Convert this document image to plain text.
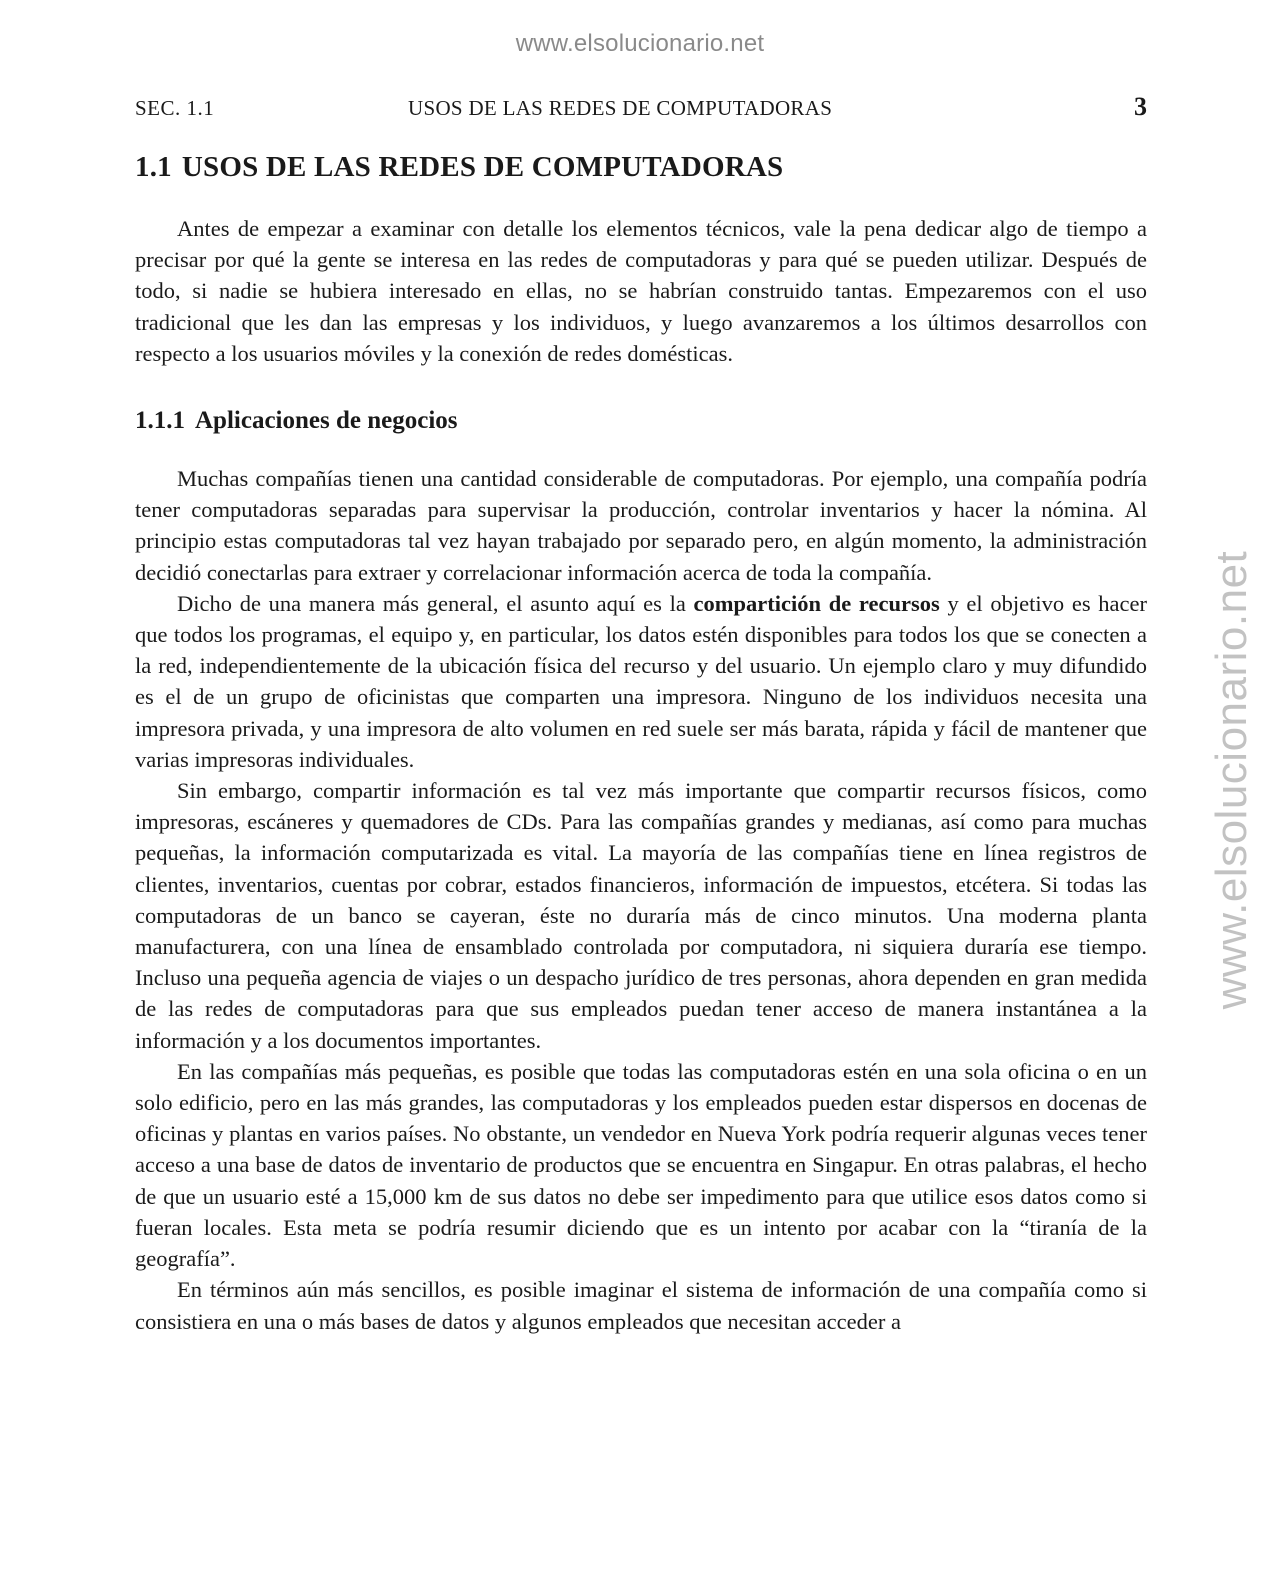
www.elsolucionario.net
www.elsolucionario.net
SEC. 1.1	USOS DE LAS REDES DE COMPUTADORAS	3
1.1 USOS DE LAS REDES DE COMPUTADORAS

Antes de empezar a examinar con detalle los elementos técnicos, vale la pena dedicar algo de tiempo a precisar por qué la gente se interesa en las redes de computadoras y para qué se pueden utilizar. Después de todo, si nadie se hubiera interesado en ellas, no se habrían construido tantas. Empezaremos con el uso tradicional que les dan las empresas y los individuos, y luego avanzaremos a los últimos desarrollos con respecto a los usuarios móviles y la conexión de redes domésticas.

1.1.1 Aplicaciones de negocios

Muchas compañías tienen una cantidad considerable de computadoras. Por ejemplo, una compañía podría tener computadoras separadas para supervisar la producción, controlar inventarios y hacer la nómina. Al principio estas computadoras tal vez hayan trabajado por separado pero, en algún momento, la administración decidió conectarlas para extraer y correlacionar información acerca de toda la compañía.

Dicho de una manera más general, el asunto aquí es la compartición de recursos y el objetivo es hacer que todos los programas, el equipo y, en particular, los datos estén disponibles para todos los que se conecten a la red, independientemente de la ubicación física del recurso y del usuario. Un ejemplo claro y muy difundido es el de un grupo de oficinistas que comparten una impresora. Ninguno de los individuos necesita una impresora privada, y una impresora de alto volumen en red suele ser más barata, rápida y fácil de mantener que varias impresoras individuales.

Sin embargo, compartir información es tal vez más importante que compartir recursos físicos, como impresoras, escáneres y quemadores de CDs. Para las compañías grandes y medianas, así como para muchas pequeñas, la información computarizada es vital. La mayoría de las compañías tiene en línea registros de clientes, inventarios, cuentas por cobrar, estados financieros, información de impuestos, etcétera. Si todas las computadoras de un banco se cayeran, éste no duraría más de cinco minutos. Una moderna planta manufacturera, con una línea de ensamblado controlada por computadora, ni siquiera duraría ese tiempo. Incluso una pequeña agencia de viajes o un despacho jurídico de tres personas, ahora dependen en gran medida de las redes de computadoras para que sus empleados puedan tener acceso de manera instantánea a la información y a los documentos importantes.

En las compañías más pequeñas, es posible que todas las computadoras estén en una sola oficina o en un solo edificio, pero en las más grandes, las computadoras y los empleados pueden estar dispersos en docenas de oficinas y plantas en varios países. No obstante, un vendedor en Nueva York podría requerir algunas veces tener acceso a una base de datos de inventario de productos que se encuentra en Singapur. En otras palabras, el hecho de que un usuario esté a 15,000 km de sus datos no debe ser impedimento para que utilice esos datos como si fueran locales. Esta meta se podría resumir diciendo que es un intento por acabar con la “tiranía de la geografía”.

En términos aún más sencillos, es posible imaginar el sistema de información de una compañía como si consistiera en una o más bases de datos y algunos empleados que necesitan acceder a
